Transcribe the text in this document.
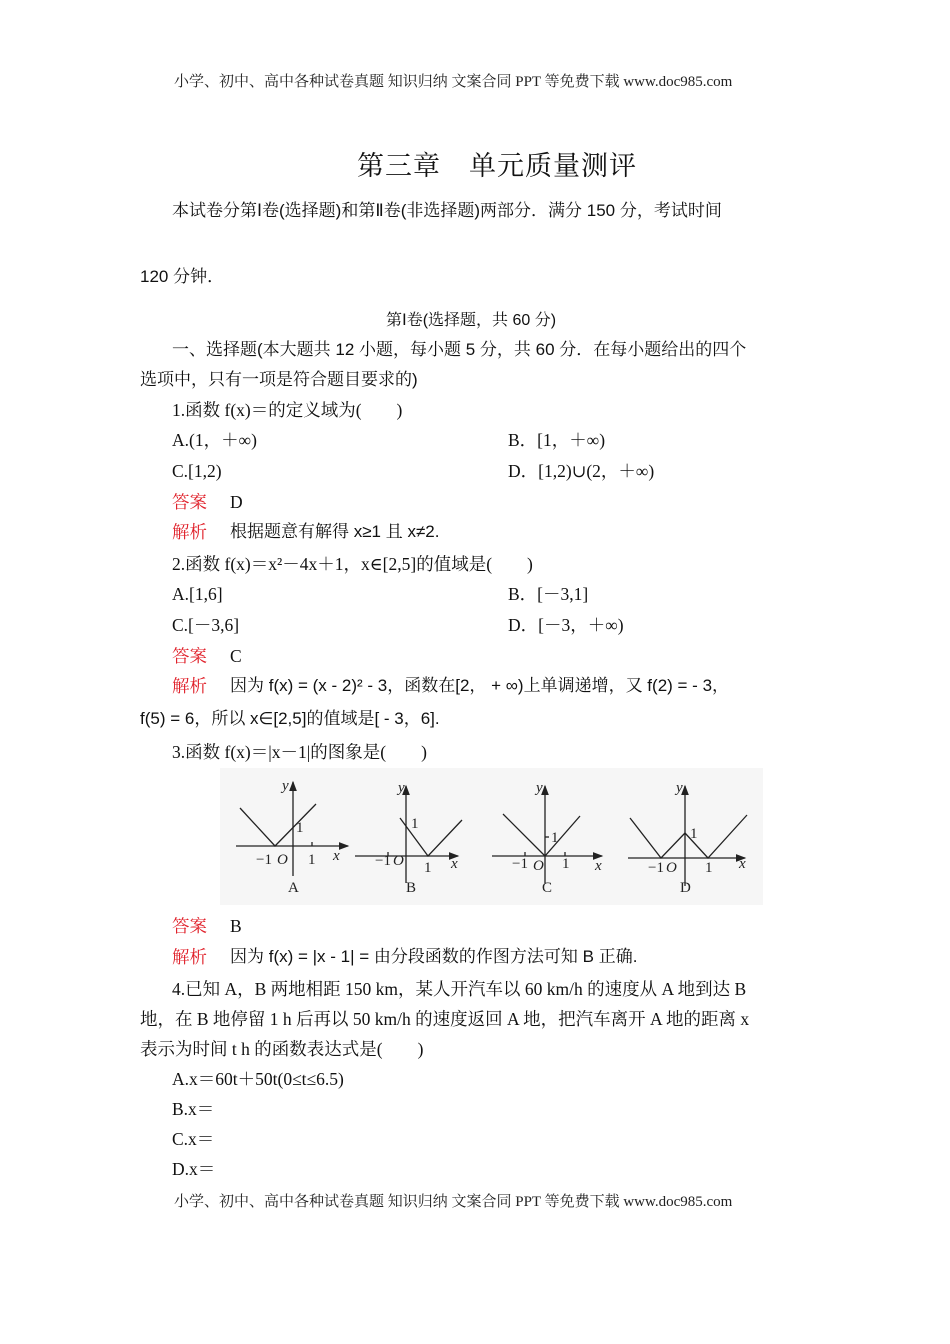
小学、初中、高中各种试卷真题 知识归纳 文案合同 PPT 等免费下载 www.doc985.com
第三章　单元质量测评
本试卷分第Ⅰ卷(选择题)和第Ⅱ卷(非选择题)两部分．满分 150 分，考试时间
120 分钟．
第Ⅰ卷(选择题，共 60 分)
一、选择题(本大题共 12 小题，每小题 5 分，共 60 分．在每小题给出的四个
选项中，只有一项是符合题目要求的)
1.函数 f(x)＝的定义域为(　　)
A.(1，＋∞)	B．[1，＋∞)
C.[1,2)	D．[1,2)∪(2，＋∞)
答案 D
解析 根据题意有解得 x≥1 且 x≠2.
2.函数 f(x)＝x²－4x＋1，x∈[2,5]的值域是(　　)
A.[1,6]	B．[－3,1]
C.[－3,6]	D．[－3，＋∞)
答案 C
解析 因为 f(x) = (x - 2)² - 3，函数在[2， + ∞)上单调递增，又 f(2) = - 3，
f(5) = 6，所以 x∈[2,5]的值域是[ - 3，6].
3.函数 f(x)＝|x－1|的图象是(　　)
y
1
−1 O 1 x
A
y
1
−1 O 1 x
B
y
1
−1 O 1 x
C
y
1
−1 O 1 x
D
答案 B
解析 因为 f(x) = |x - 1| = 由分段函数的作图方法可知 B 正确.
4.已知 A，B 两地相距 150 km，某人开汽车以 60 km/h 的速度从 A 地到达 B
地，在 B 地停留 1 h 后再以 50 km/h 的速度返回 A 地，把汽车离开 A 地的距离 x
表示为时间 t h 的函数表达式是(　　)
A.x＝60t＋50t(0≤t≤6.5)
B.x＝
C.x＝
D.x＝
小学、初中、高中各种试卷真题 知识归纳 文案合同 PPT 等免费下载 www.doc985.com
